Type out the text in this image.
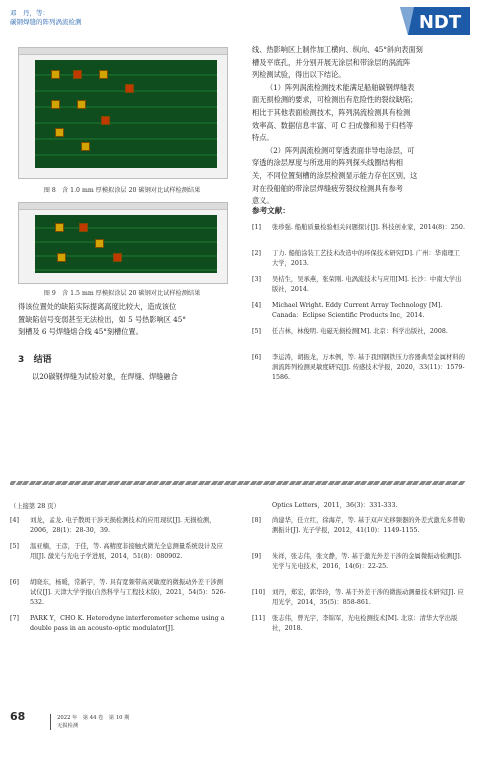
邓　丹，等：
碳钢焊缝的阵列涡流检测	NDT
图 8　含 1.0 mm 厚模拟涂层 20 碳钢对比试样检测结果
图 9　含 1.5 mm 厚模拟涂层 20 碳钢对比试样检测结果
得该位置处的缺陷实际提离高度比较大，造成该位
置缺陷信号变弱甚至无法检出，如 5 号热影响区 45°
刻槽及 6 号焊缝熔合线 45°刻槽位置。
3 结语
以20碳钢焊缝为试验对象，在焊缝、焊缝融合
线、热影响区上制作加工横向、纵向、45°斜向表面刻
槽及平底孔，并分别开展无涂层和带涂层的涡流阵
列检测试验，得出以下结论。
（1）阵列涡流检测技术能满足船舶碳钢焊缝表
面无损检测的要求，可检测出有危险性的裂纹缺陷；
相比于其他表面检测技术，阵列涡流检测具有检测
效率高、数据信息丰富、可 C 扫成像和易于归档等
特点。
（2）阵列涡流检测可穿透表面非导电涂层，可
穿透的涂层厚度与所选用的阵列探头线圈结构相
关，不同位置刻槽的涂层检测显示能力存在区别，这
对在役船舶的带涂层焊缝疲劳裂纹检测具有参考
意义。
参考文献：
[1]	张珍强. 船舶质量检验相关问题探讨[J]. 科技创业家，2014(8)：250.
[2]	丁力. 船舶涂装工艺技术改造中的环保技术研究[D]. 广州：华南理工大学，2013.
[3]	吴桔生，吴承燕，张荣刚. 电涡流技术与应用[M]. 长沙：中南大学出版社，2014.
[4]	Michael Wright. Eddy Current Array Technology [M]. Canada：Eclipse Scientific Products Inc，2014.
[5]	任吉林，林俊明. 电磁无损检测[M]. 北京：科学出版社，2008.
[6]	李运涛，胡振龙，万本例，等. 基于我国钢铁压力容器典型金属材料的涡流阵列检测灵敏度研究[J]. 传感技术学报，2020，33(11)：1579-1586.
（上接第 28 页）
[4]	刘龙，孟龙. 电子散斑干涉无损检测技术的应用现状[J]. 无损检测，2006，28(1)：28-30，39.
[5]	温亚楠，王彦，于佳，等. 高精度非接触式微光全息测量系统设计及应用[J]. 激光与光电子学进展，2014，51(8)：080902.
[6]	胡晓东，杨暖，常新宇，等. 具有宽频带高灵敏度的微振动外差干涉测试仪[J]. 天津大学学报(自然科学与工程技术版)，2021，54(5)：526-532.
[7]	PARK Y，CHO K. Heterodyne interferometer scheme using a double pass in an acousto-optic modulator[J].
Optics Letters，2011，36(3)：331-333.
[8]	尚建华，任立红，徐海芹，等. 基于双声光移频器的外差式激光多普勒测振计[J]. 光子学报，2012，41(10)：1149-1155.
[9]	朱祥，张志伟，张文静，等. 基于激光外差干涉的金属微振动检测[J]. 光学与光电技术，2016，14(6)：22-25.
[10]	刘丹，郑宏，郭华玲，等. 基于外差干涉的微振动测量技术研究[J]. 应用光学，2014，35(5)：858-861.
[11]	张志伟，曾光宇，李锦军，光电检测技术[M]. 北京：清华大学出版社，2018.
68	2022 年　第 44 卷　第 10 期
无损检测
